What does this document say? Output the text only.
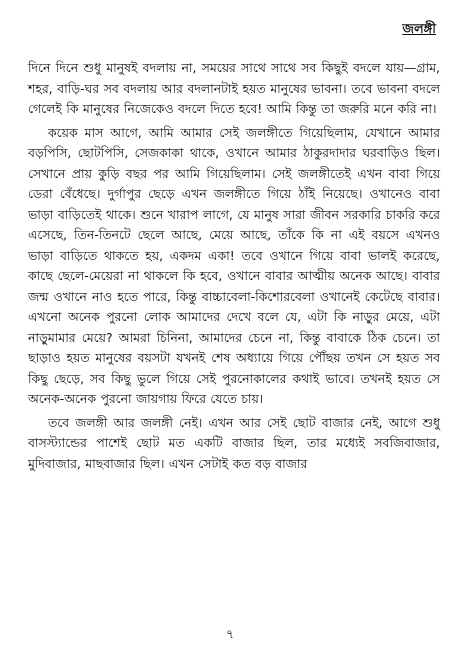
জলঙ্গী

দিনে দিনে শুধু মানুষই বদলায় না, সময়ের সাথে সাথে সব কিছুই বদলে যায়—গ্রাম, শহর, বাড়ি-ঘর সব বদলায় আর বদলানটাই হয়ত মানুষের ভাবনা। তবে ভাবনা বদলে গেলেই কি মানুষের নিজেকেও বদলে দিতে হবে! আমি কিন্তু তা জরুরি মনে করি না।

কয়েক মাস আগে, আমি আমার সেই জলঙ্গীতে গিয়েছিলাম, যেখানে আমার বড়পিসি, ছোটপিসি, সেজকাকা থাকে, ওখানে আমার ঠাকুরদাদার ঘরবাড়িও ছিল। সেখানে প্রায় কুড়ি বছর পর আমি গিয়েছিলাম। সেই জলঙ্গীতেই এখন বাবা গিয়ে ডেরা বেঁধেছে। দুর্গাপুর ছেড়ে এখন জলঙ্গীতে গিয়ে ঠাঁই নিয়েছে। ওখানেও বাবা ভাড়া বাড়িতেই থাকে। শুনে খারাপ লাগে, যে মানুষ সারা জীবন সরকারি চাকরি করে এসেছে, তিন-তিনটে ছেলে আছে, মেয়ে আছে, তাঁকে কি না এই বয়সে এখনও ভাড়া বাড়িতে থাকতে হয়, একদম একা! তবে ওখানে গিয়ে বাবা ভালই করেছে, কাছে ছেলে-মেয়েরা না থাকলে কি হবে, ওখানে বাবার আত্মীয় অনেক আছে। বাবার জন্ম ওখানে নাও হতে পারে, কিন্তু বাচ্চাবেলা-কিশোরবেলা ওখানেই কেটেছে বাবার। এখনো অনেক পুরনো লোক আমাদের দেখে বলে যে, এটা কি নাড়ুর মেয়ে, এটা নাড়ুমামার মেয়ে? আমরা চিনিনা, আমাদের চেনে না, কিন্তু বাবাকে ঠিক চেনে। তা ছাড়াও হয়ত মানুষের বয়সটা যখনই শেষ অধ্যায়ে গিয়ে পৌঁছয় তখন সে হয়ত সব কিছু ছেড়ে, সব কিছু ভুলে গিয়ে সেই পুরনোকালের কথাই ভাবে। তখনই হয়ত সে অনেক-অনেক পুরনো জায়গায় ফিরে যেতে চায়।

তবে জলঙ্গী আর জলঙ্গী নেই। এখন আর সেই ছোট বাজার নেই, আগে শুধু বাসস্ট্যান্ডের পাশেই ছোট মত একটি বাজার ছিল, তার মধ্যেই সবজিবাজার, মুদিবাজার, মাছবাজার ছিল। এখন সেটাই কত বড় বাজার

৭
